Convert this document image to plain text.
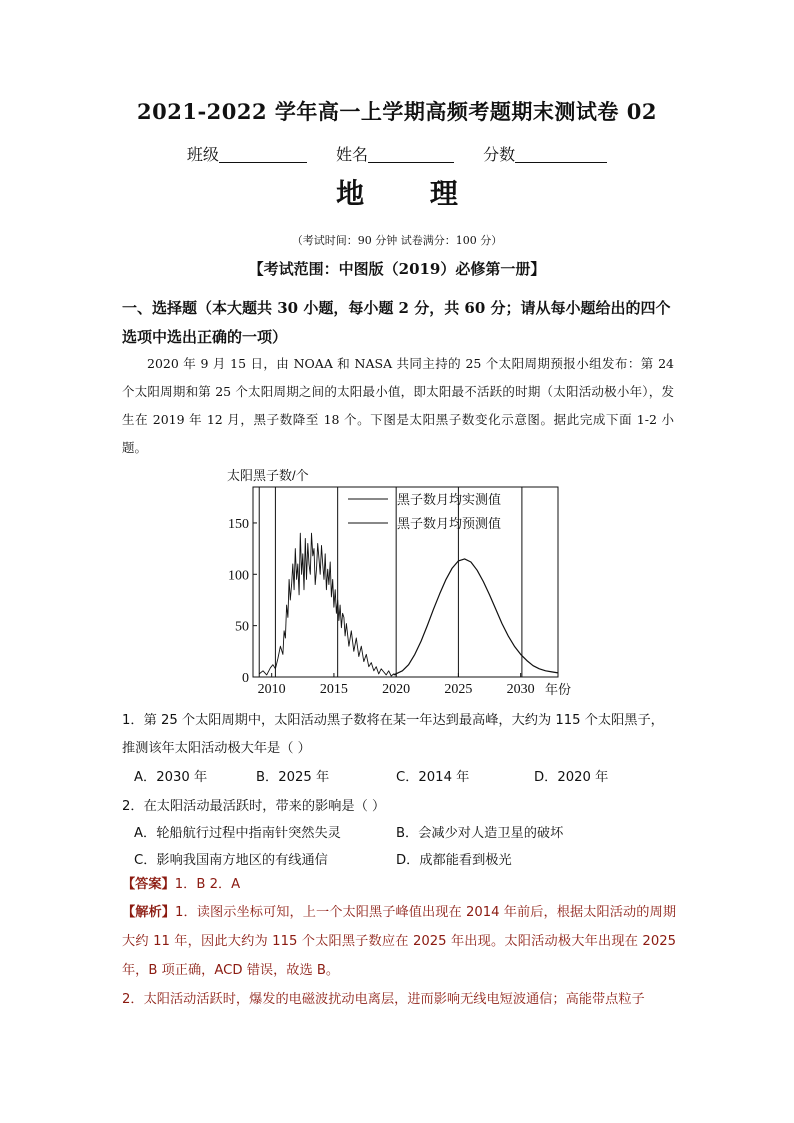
2021-2022 学年高一上学期高频考题期末测试卷 02
班级	姓名	分数
地 理
（考试时间：90 分钟 试卷满分：100 分）
【考试范围：中图版（2019）必修第一册】
一、选择题（本大题共 30 小题，每小题 2 分，共 60 分；请从每小题给出的四个选项中选出正确的一项）
2020 年 9 月 15 日，由 NOAA 和 NASA 共同主持的 25 个太阳周期预报小组发布：第 24 个太阳周期和第 25 个太阳周期之间的太阳最小值，即太阳最不活跃的时期（太阳活动极小年），发生在 2019 年 12 月，黑子数降至 18 个。下图是太阳黑子数变化示意图。据此完成下面 1-2 小题。
太阳黑子数/个
年份
0
50
100
150
2010 2015 2020 2025 2030
黑子数月均实测值
黑子数月均预测值
1．第 25 个太阳周期中，太阳活动黑子数将在某一年达到最高峰，大约为 115 个太阳黑子，推测该年太阳活动极大年是（ ）
A．2030 年	B．2025 年	C．2014 年	D．2020 年
2．在太阳活动最活跃时，带来的影响是（ ）
A．轮船航行过程中指南针突然失灵	B．会减少对人造卫星的破坏
C．影响我国南方地区的有线通信	D．成都能看到极光
【答案】1．B 2．A
【解析】1．读图示坐标可知，上一个太阳黑子峰值出现在 2014 年前后，根据太阳活动的周期大约 11 年，因此大约为 115 个太阳黑子数应在 2025 年出现。太阳活动极大年出现在 2025 年，B 项正确，ACD 错误，故选 B。
2．太阳活动活跃时，爆发的电磁波扰动电离层，进而影响无线电短波通信；高能带点粒子
